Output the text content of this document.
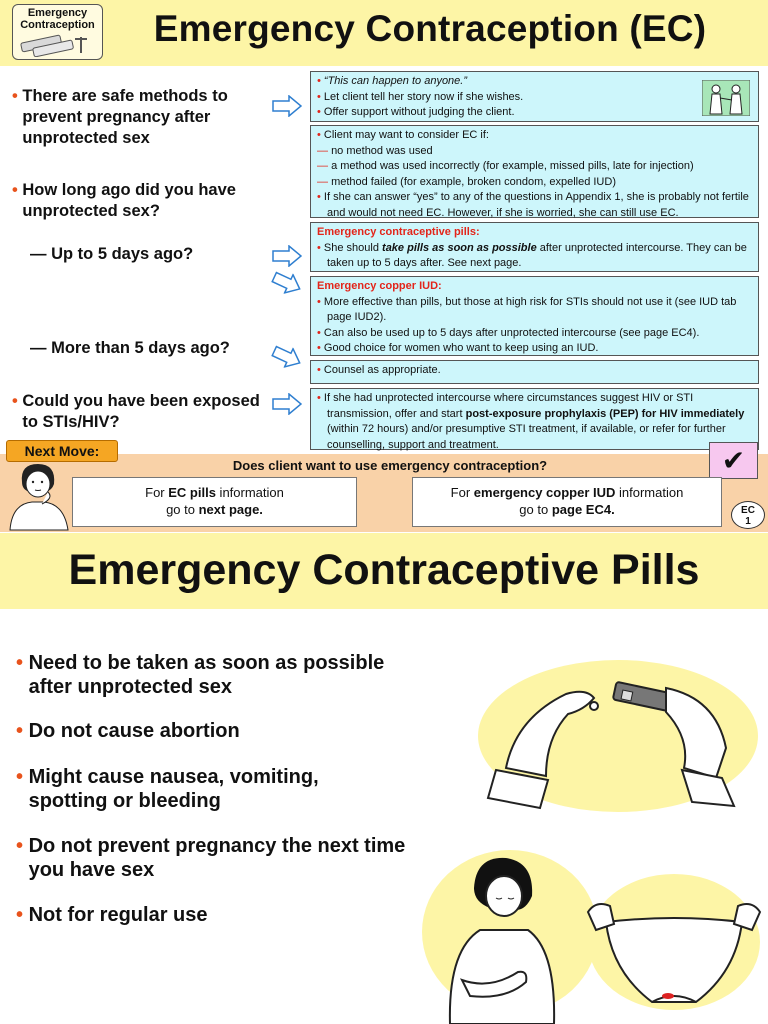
Emergency Contraception	Emergency Contraception (EC)
• There are safe methods to prevent pregnancy after unprotected sex
• How long ago did you have unprotected sex?
— Up to 5 days ago?
— More than 5 days ago?
• Could you have been exposed to STIs/HIV?
• “This can happen to anyone.”
• Let client tell her story now if she wishes.
• Offer support without judging the client.
• Client may want to consider EC if:
— no method was used
— a method was used incorrectly (for example, missed pills, late for injection)
— method failed (for example, broken condom, expelled IUD)
• If she can answer “yes” to any of the questions in Appendix 1, she is probably not fertile and would not need EC. However, if she is worried, she can still use EC.
Emergency contraceptive pills:
• She should take pills as soon as possible after unprotected intercourse. They can be taken up to 5 days after. See next page.
Emergency copper IUD:
• More effective than pills, but those at high risk for STIs should not use it (see IUD tab page IUD2).
• Can also be used up to 5 days after unprotected intercourse (see page EC4).
• Good choice for women who want to keep using an IUD.
• Counsel as appropriate.
• If she had unprotected intercourse where circumstances suggest HIV or STI transmission, offer and start post-exposure prophylaxis (PEP) for HIV immediately (within 72 hours) and/or presumptive STI treatment, if available, or refer for further counselling, support and treatment.
Next Move:
Does client want to use emergency contraception?	✔
For EC pills information
go to next page.
For emergency copper IUD information
go to page EC4.	EC
1
Emergency Contraceptive Pills
• Need to be taken as soon as possible after unprotected sex
• Do not cause abortion
• Might cause nausea, vomiting, spotting or bleeding
• Do not prevent pregnancy the next time you have sex
• Not for regular use
